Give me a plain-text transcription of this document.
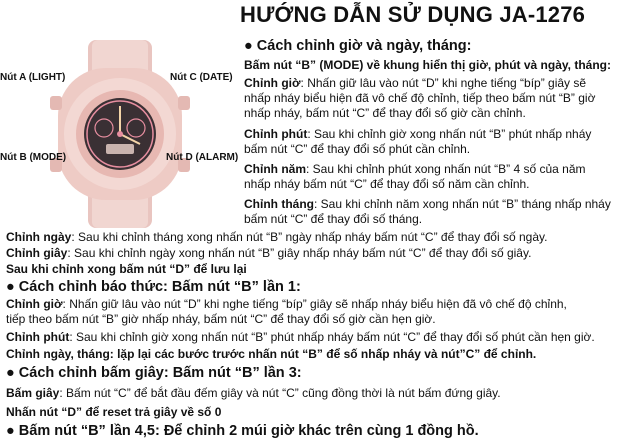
HƯỚNG DẪN SỬ DỤNG JA-1276
Nút A (LIGHT)	Nút C (DATE)
Nút B (MODE)	Nút D (ALARM)
● Cách chỉnh giờ và ngày, tháng:
Bấm nút “B” (MODE) về khung hiển thị giờ, phút và ngày, tháng:
Chỉnh giờ: Nhấn giữ lâu vào nút “D” khi nghe tiếng “bíp” giây sẽ
nhấp nháy biểu hiện đã vô chế độ chỉnh, tiếp theo bấm nút “B” giờ
nhấp nháy, bấm nút “C” để thay đổi số giờ cần chỉnh.
Chỉnh phút: Sau khi chỉnh giờ xong nhấn nút “B” phút nhấp nháy
bấm nút “C” để thay đổi số phút cần chỉnh.
Chỉnh năm: Sau khi chỉnh phút xong nhấn nút “B” 4 số của năm
nhấp nháy bấm nút “C” để thay đổi số năm cần chỉnh.
Chỉnh tháng: Sau khi chỉnh năm xong nhấn nút “B” tháng nhấp nháy
bấm nút “C” để thay đổi số tháng.
Chỉnh ngày: Sau khi chỉnh tháng xong nhấn nút “B” ngày nhấp nháy bấm nút “C” để thay đổi số ngày.
Chỉnh giây: Sau khi chỉnh ngày xong nhấn nút “B” giây nhấp nháy bấm nút “C” để thay đổi số giây.
Sau khi chỉnh xong bấm nút “D” để lưu lại
● Cách chỉnh báo thức: Bấm nút “B” lần 1:
Chỉnh giờ: Nhấn giữ lâu vào nút “D” khi nghe tiếng “bíp” giây sẽ nhấp nháy biểu hiện đã vô chế độ chỉnh,
tiếp theo bấm nút “B” giờ nhấp nháy, bấm nút “C” để thay đổi số giờ cần hẹn giờ.
Chỉnh phút: Sau khi chỉnh giờ xong nhấn nút “B” phút nhấp nháy bấm nút “C” để thay đổi số phút cần hẹn giờ.
Chỉnh ngày, tháng: lặp lại các bước trước nhấn nút “B” để số nhấp nháy và nút”C” để chỉnh.
● Cách chỉnh bấm giây: Bấm nút “B” lần 3:
Bấm giây: Bấm nút “C” để bắt đầu đếm giây và nút “C” cũng đồng thời là nút bấm đứng giây.
Nhấn nút “D” để reset trả giây về số 0
● Bấm nút “B” lần 4,5: Để chỉnh 2 múi giờ khác trên cùng 1 đồng hồ.
